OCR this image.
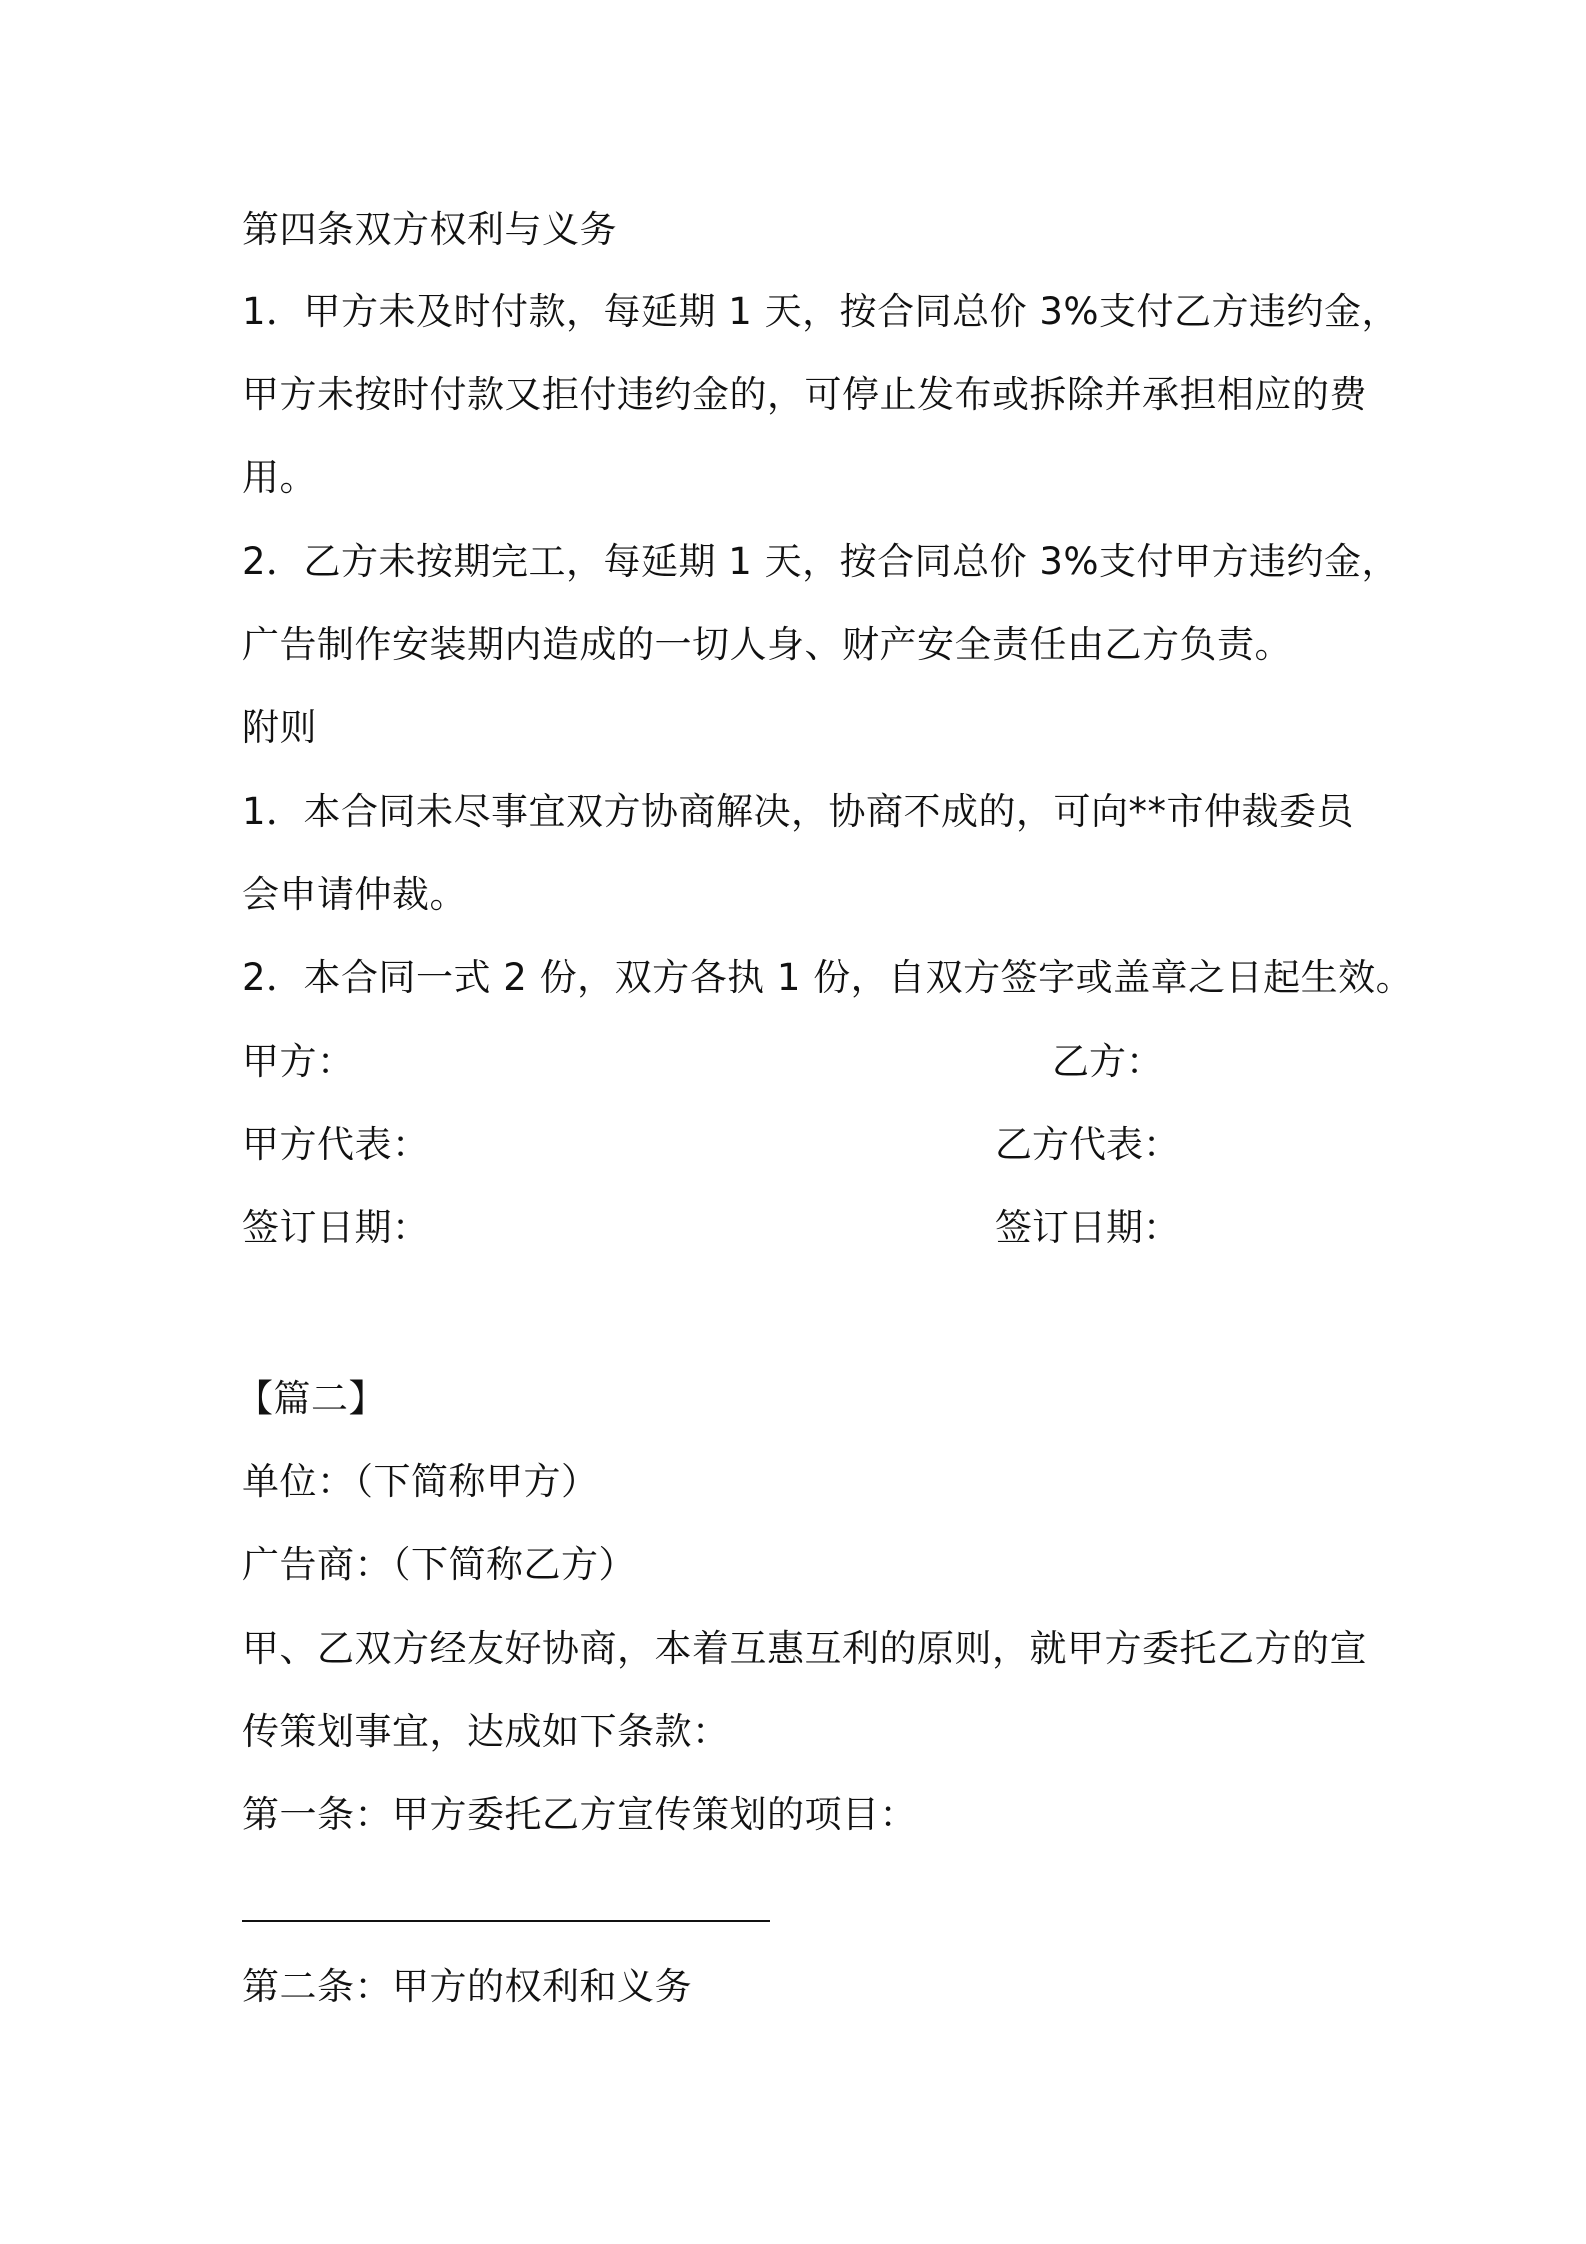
第四条双方权利与义务
1．甲方未及时付款，每延期 1 天，按合同总价 3%支付乙方违约金，
甲方未按时付款又拒付违约金的，可停止发布或拆除并承担相应的费
用。
2．乙方未按期完工，每延期 1 天，按合同总价 3%支付甲方违约金，
广告制作安装期内造成的一切人身、财产安全责任由乙方负责。
附则
1．本合同未尽事宜双方协商解决，协商不成的，可向**市仲裁委员
会申请仲裁。
2．本合同一式 2 份，双方各执 1 份，自双方签字或盖章之日起生效。
甲方：	乙方：
甲方代表：	乙方代表：
签订日期：	签订日期：
【篇二】
单位：（下简称甲方）
广告商：（下简称乙方）
甲、乙双方经友好协商，本着互惠互利的原则，就甲方委托乙方的宣
传策划事宜，达成如下条款：
第一条：甲方委托乙方宣传策划的项目：
第二条：甲方的权利和义务
